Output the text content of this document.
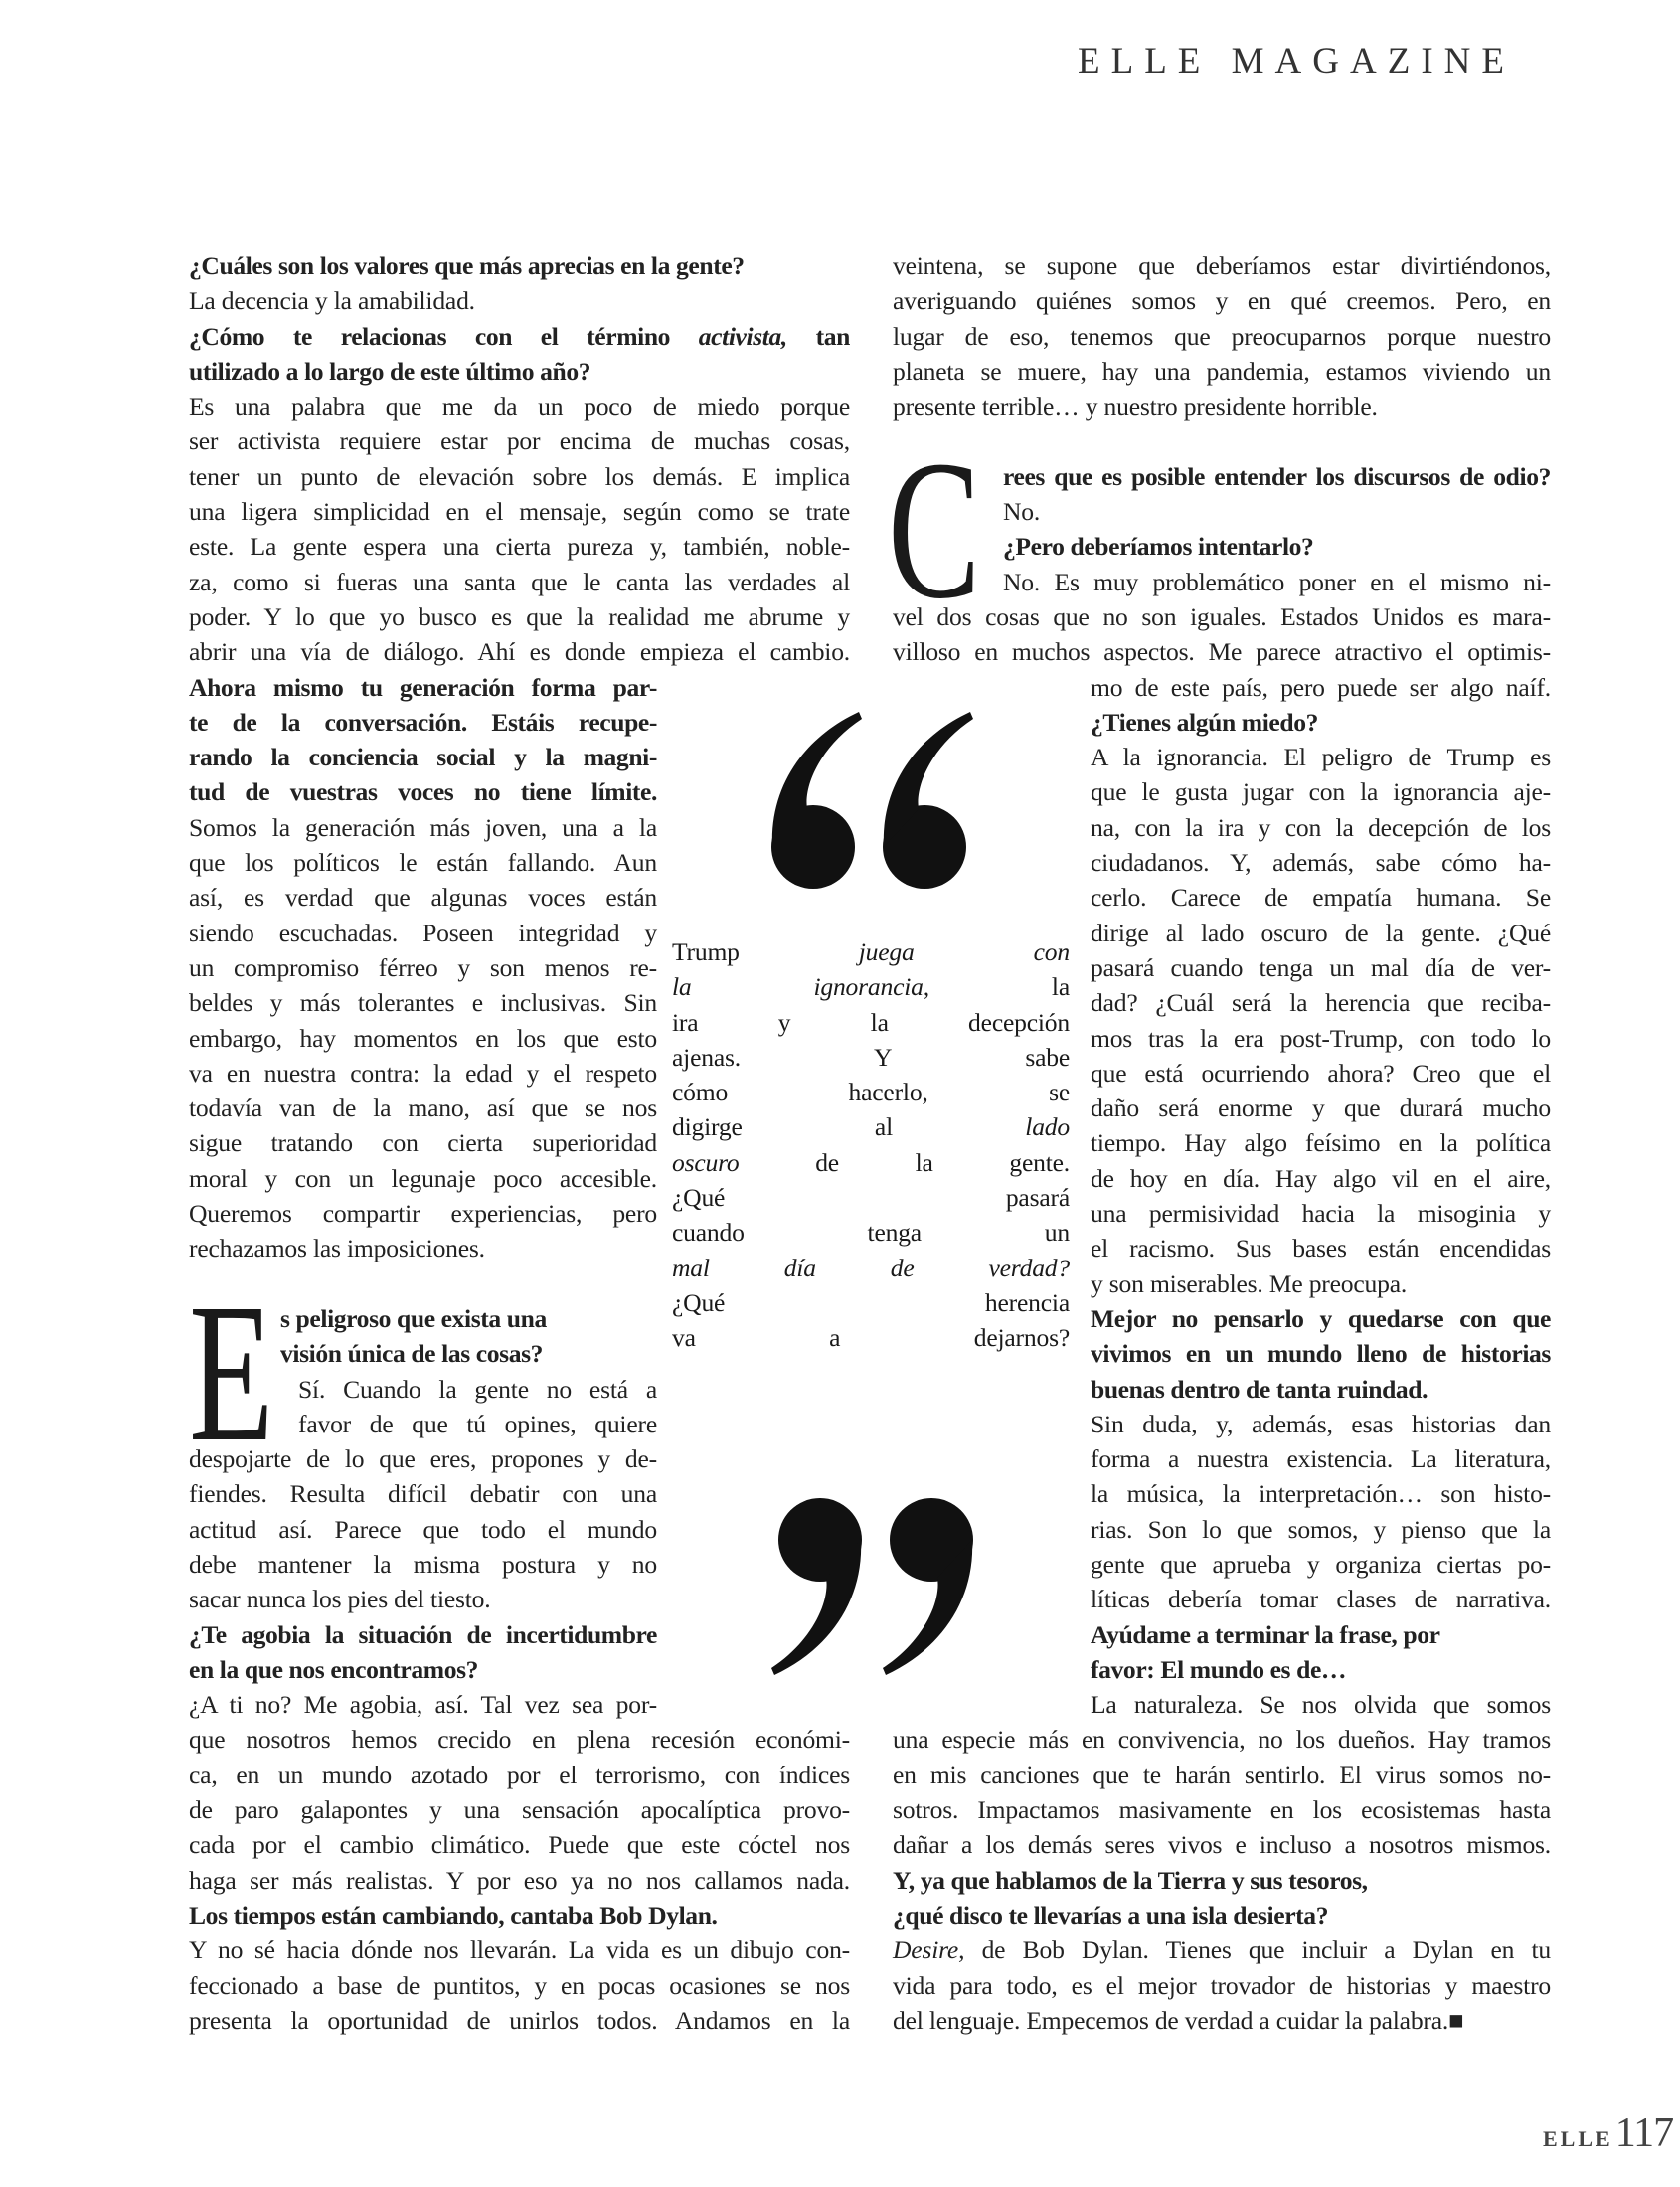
ELLE MAGAZINE
E
C
¿Cuáles son los valores que más aprecias en la gente?
La decencia y la amabilidad.
¿Cómo te relacionas con el término activista, tan
utilizado a lo largo de este último año?
Es una palabra que me da un poco de miedo porque
ser activista requiere estar por encima de muchas cosas,
tener un punto de elevación sobre los demás. E implica
una ligera simplicidad en el mensaje, según como se trate
este. La gente espera una cierta pureza y, también, noble-
za, como si fueras una santa que le canta las verdades al
poder. Y lo que yo busco es que la realidad me abrume y
abrir una vía de diálogo. Ahí es donde empieza el cambio.
Ahora mismo tu generación forma par-
te de la conversación. Estáis recupe-
rando la conciencia social y la magni-
tud de vuestras voces no tiene límite.
Somos la generación más joven, una a la
que los políticos le están fallando. Aun
así, es verdad que algunas voces están
siendo escuchadas. Poseen integridad y
un compromiso férreo y son menos re-
beldes y más tolerantes e inclusivas. Sin
embargo, hay momentos en los que esto
va en nuestra contra: la edad y el respeto
todavía van de la mano, así que se nos
sigue tratando con cierta superioridad
moral y con un legunaje poco accesible.
Queremos compartir experiencias, pero
rechazamos las imposiciones.
s peligroso que exista una
visión única de las cosas?
Sí. Cuando la gente no está a
favor de que tú opines, quiere
despojarte de lo que eres, propones y de-
fiendes. Resulta difícil debatir con una
actitud así. Parece que todo el mundo
debe mantener la misma postura y no
sacar nunca los pies del tiesto.
¿Te agobia la situación de incertidumbre
en la que nos encontramos?
¿A ti no? Me agobia, así. Tal vez sea por-
que nosotros hemos crecido en plena recesión económi-
ca, en un mundo azotado por el terrorismo, con índices
de paro galapontes y una sensación apocalíptica provo-
cada por el cambio climático. Puede que este cóctel nos
haga ser más realistas. Y por eso ya no nos callamos nada.
Los tiempos están cambiando, cantaba Bob Dylan.
Y no sé hacia dónde nos llevarán. La vida es un dibujo con-
feccionado a base de puntitos, y en pocas ocasiones se nos
presenta la oportunidad de unirlos todos. Andamos en la
veintena, se supone que deberíamos estar divirtiéndonos,
averiguando quiénes somos y en qué creemos. Pero, en
lugar de eso, tenemos que preocuparnos porque nuestro
planeta se muere, hay una pandemia, estamos viviendo un
presente terrible… y nuestro presidente horrible.
rees que es posible entender los discursos de odio?
No.
¿Pero deberíamos intentarlo?
No. Es muy problemático poner en el mismo ni-
vel dos cosas que no son iguales. Estados Unidos es mara-
villoso en muchos aspectos. Me parece atractivo el optimis-
mo de este país, pero puede ser algo naíf.
¿Tienes algún miedo?
A la ignorancia. El peligro de Trump es
que le gusta jugar con la ignorancia aje-
na, con la ira y con la decepción de los
ciudadanos. Y, además, sabe cómo ha-
cerlo. Carece de empatía humana. Se
dirige al lado oscuro de la gente. ¿Qué
pasará cuando tenga un mal día de ver-
dad? ¿Cuál será la herencia que reciba-
mos tras la era post-Trump, con todo lo
que está ocurriendo ahora? Creo que el
daño será enorme y que durará mucho
tiempo. Hay algo feísimo en la política
de hoy en día. Hay algo vil en el aire,
una permisividad hacia la misoginia y
el racismo. Sus bases están encendidas
y son miserables. Me preocupa.
Mejor no pensarlo y quedarse con que
vivimos en un mundo lleno de historias
buenas dentro de tanta ruindad.
Sin duda, y, además, esas historias dan
forma a nuestra existencia. La literatura,
la música, la interpretación… son histo-
rias. Son lo que somos, y pienso que la
gente que aprueba y organiza ciertas po-
líticas debería tomar clases de narrativa.
Ayúdame a terminar la frase, por
favor: El mundo es de…
La naturaleza. Se nos olvida que somos
una especie más en convivencia, no los dueños. Hay tramos
en mis canciones que te harán sentirlo. El virus somos no-
sotros. Impactamos masivamente en los ecosistemas hasta
dañar a los demás seres vivos e incluso a nosotros mismos.
Y, ya que hablamos de la Tierra y sus tesoros,
¿qué disco te llevarías a una isla desierta?
Desire, de Bob Dylan. Tienes que incluir a Dylan en tu
vida para todo, es el mejor trovador de historias y maestro
del lenguaje. Empecemos de verdad a cuidar la palabra.■
Trump juega con
la ignorancia, la
ira y la decepción
ajenas. Y sabe
cómo hacerlo, se
digirge al lado
oscuro de la gente.
¿Qué pasará
cuando tenga un
mal día de verdad?
¿Qué herencia
va a dejarnos?
ELLE117
